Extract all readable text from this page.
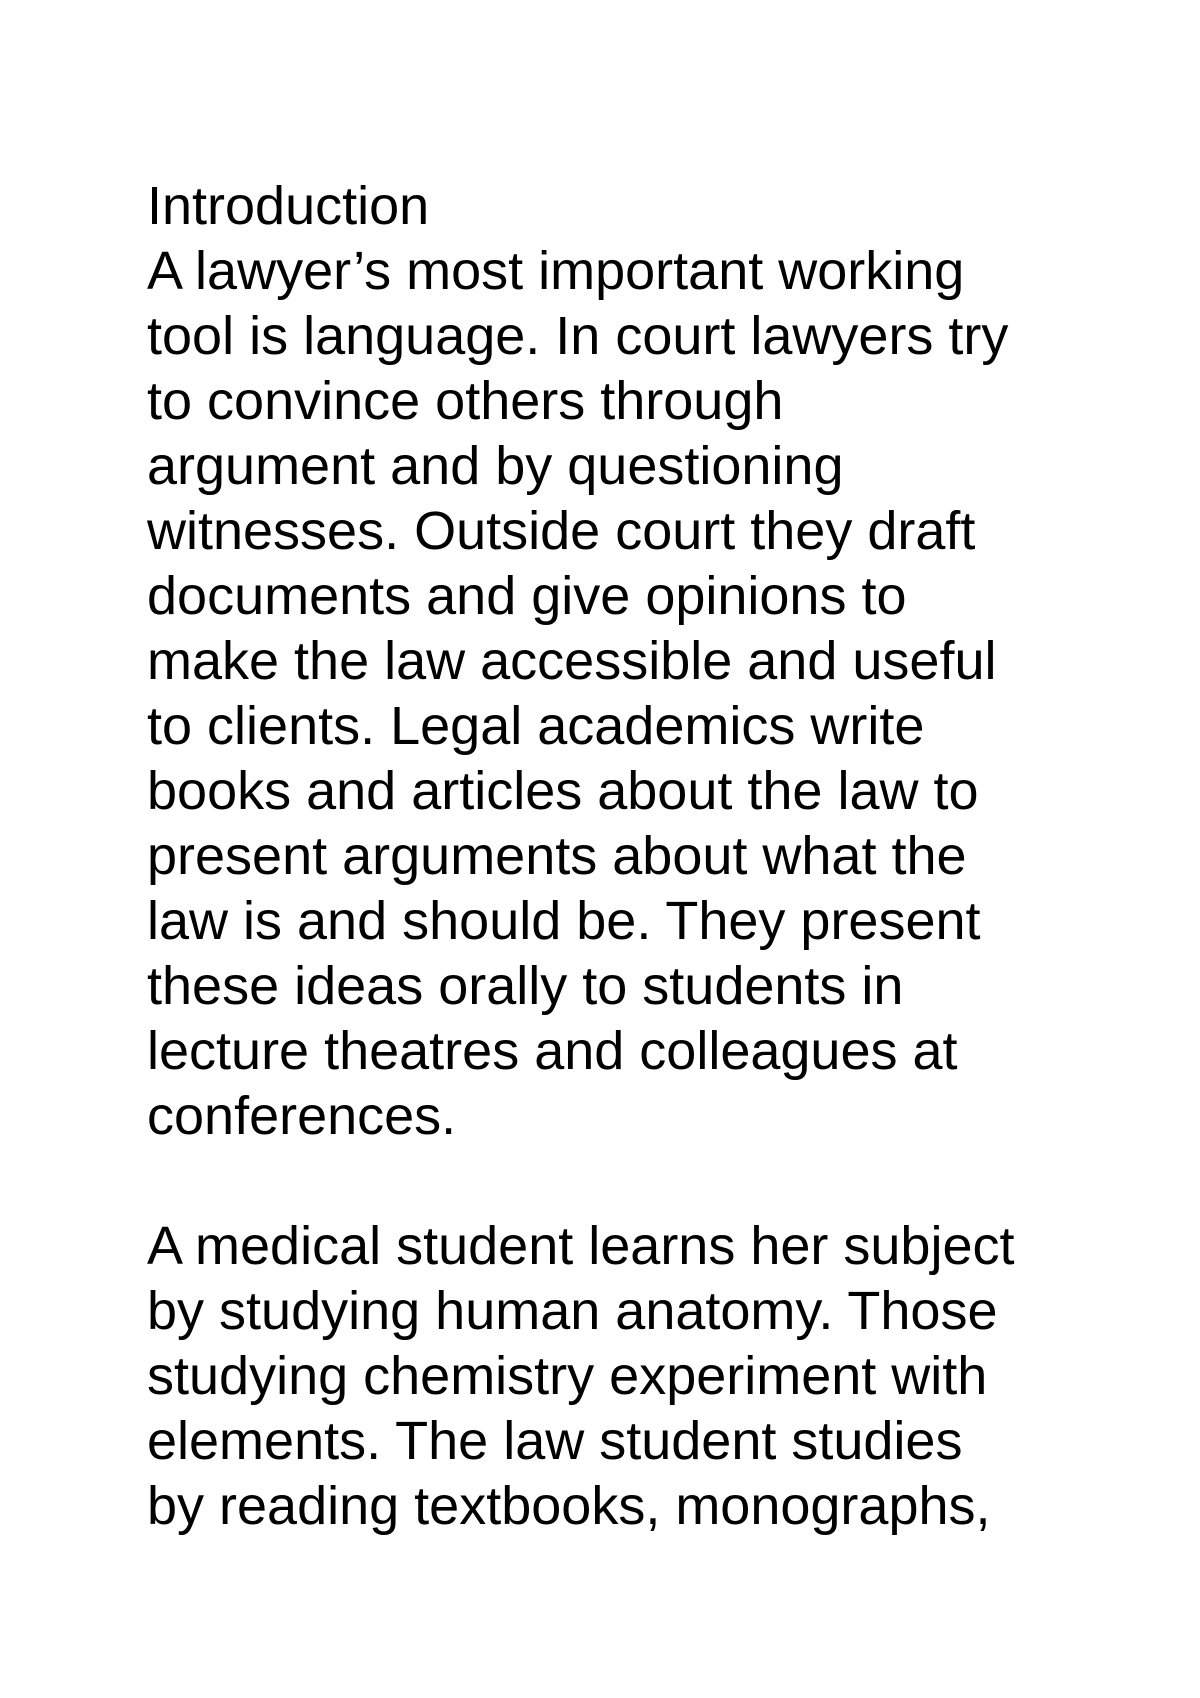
Introduction
A lawyer’s most important working
tool is language. In court lawyers try
to convince others through
argument and by questioning
witnesses. Outside court they draft
documents and give opinions to
make the law accessible and useful
to clients. Legal academics write
books and articles about the law to
present arguments about what the
law is and should be. They present
these ideas orally to students in
lecture theatres and colleagues at
conferences.
A medical student learns her subject
by studying human anatomy. Those
studying chemistry experiment with
elements. The law student studies
by reading textbooks, monographs,
